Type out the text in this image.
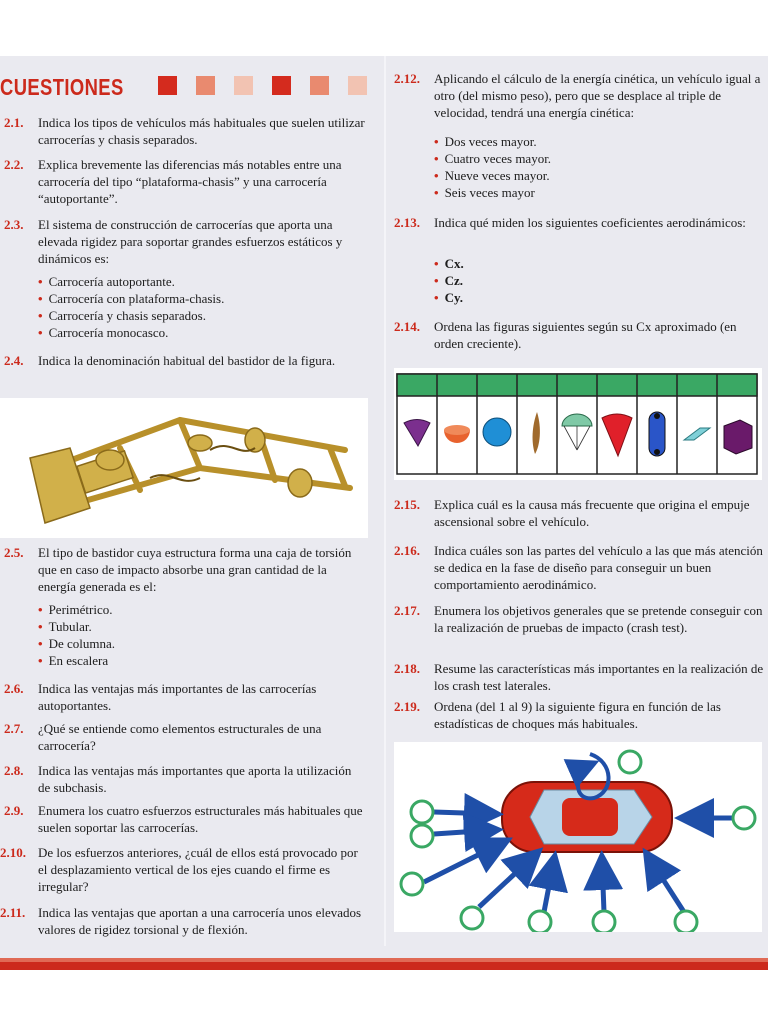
CUESTIONES
2.1.	Indica los tipos de vehículos más habituales que suelen utilizar carrocerías y chasis separados.
2.2.	Explica brevemente las diferencias más notables entre una carrocería del tipo “plataforma-chasis” y una carrocería “autoportante”.
2.3.	El sistema de construcción de carrocerías que aporta una elevada rigidez para soportar grandes esfuerzos estáticos y dinámicos es:
• Carrocería autoportante.
• Carrocería con plataforma-chasis.
• Carrocería y chasis separados.
• Carrocería monocasco.
2.4.	Indica la denominación habitual del bastidor de la figura.
2.5.	El tipo de bastidor cuya estructura forma una caja de torsión que en caso de impacto absorbe una gran cantidad de la energía generada es el:
• Perimétrico.
• Tubular.
• De columna.
• En escalera
2.6.	Indica las ventajas más importantes de las carrocerías autoportantes.
2.7.	¿Qué se entiende como elementos estructurales de una carrocería?
2.8.	Indica las ventajas más importantes que aporta la utilización de subchasis.
2.9.	Enumera los cuatro esfuerzos estructurales más habituales que suelen soportar las carrocerías.
2.10. De los esfuerzos anteriores, ¿cuál de ellos está provocado por el desplazamiento vertical de los ejes cuando el firme es irregular?
2.11. Indica las ventajas que aportan a una carrocería unos elevados valores de rigidez torsional y de flexión.
2.12.	Aplicando el cálculo de la energía cinética, un vehículo igual a otro (del mismo peso), pero que se desplace al triple de velocidad, tendrá una energía cinética:
• Dos veces mayor.
• Cuatro veces mayor.
• Nueve veces mayor.
• Seis veces mayor
2.13.	Indica qué miden los siguientes coeficientes aerodinámicos:
• Cx.
• Cz.
• Cy.
2.14.	Ordena las figuras siguientes según su Cx aproximado (en orden creciente).
2.15.	Explica cuál es la causa más frecuente que origina el empuje ascensional sobre el vehículo.
2.16.	Indica cuáles son las partes del vehículo a las que más atención se dedica en la fase de diseño para conseguir un buen comportamiento aerodinámico.
2.17.	Enumera los objetivos generales que se pretende conseguir con la realización de pruebas de impacto (crash test).
2.18.	Resume las características más importantes en la realización de los crash test laterales.
2.19.	Ordena (del 1 al 9) la siguiente figura en función de las estadísticas de choques más habituales.
